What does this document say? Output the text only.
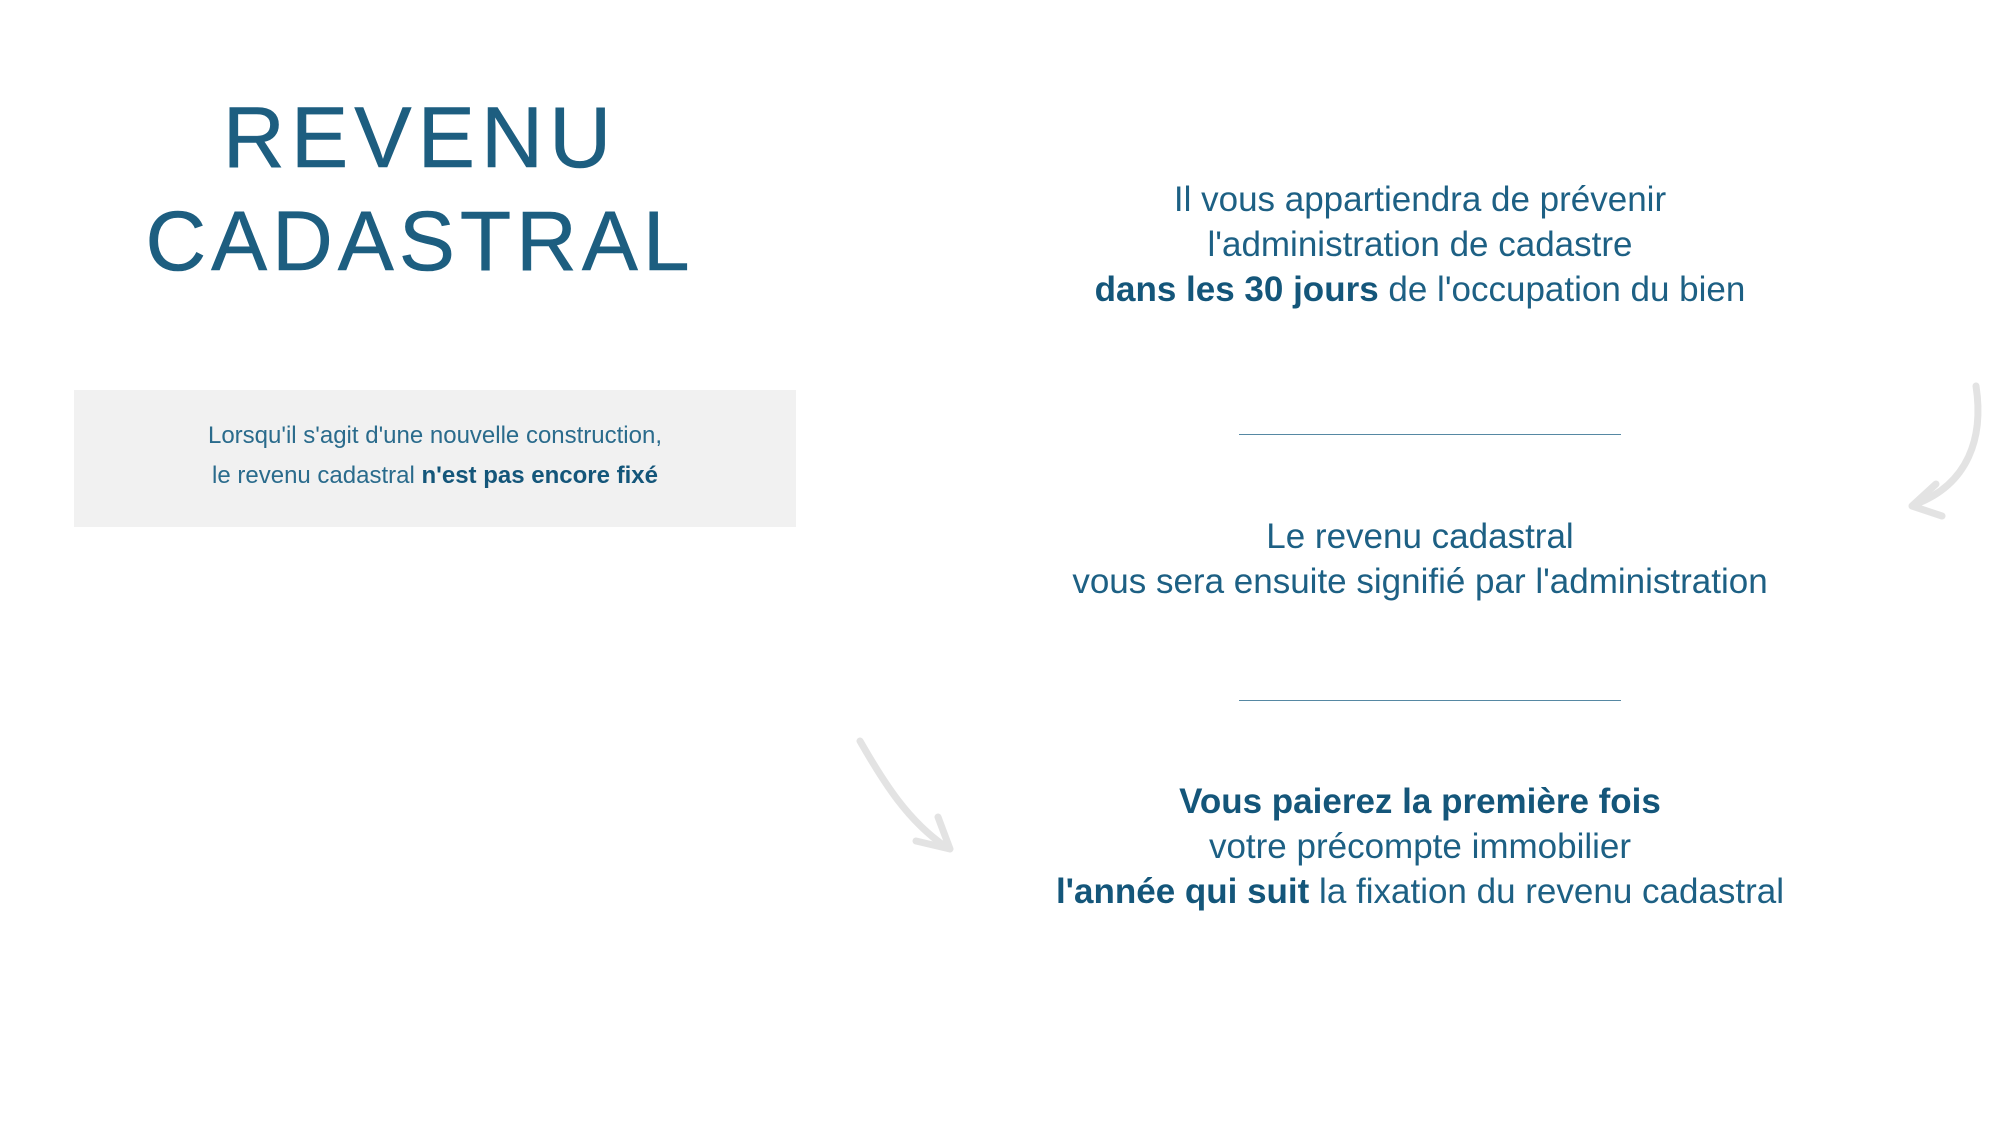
REVENU
CADASTRAL
Lorsqu'il s'agit d'une nouvelle construction,
le revenu cadastral n'est pas encore fixé
Il vous appartiendra de prévenir
l'administration de cadastre
dans les 30 jours de l'occupation du bien
Le revenu cadastral
vous sera ensuite signifié par l'administration
Vous paierez la première fois
votre précompte immobilier
l'année qui suit la fixation du revenu cadastral
